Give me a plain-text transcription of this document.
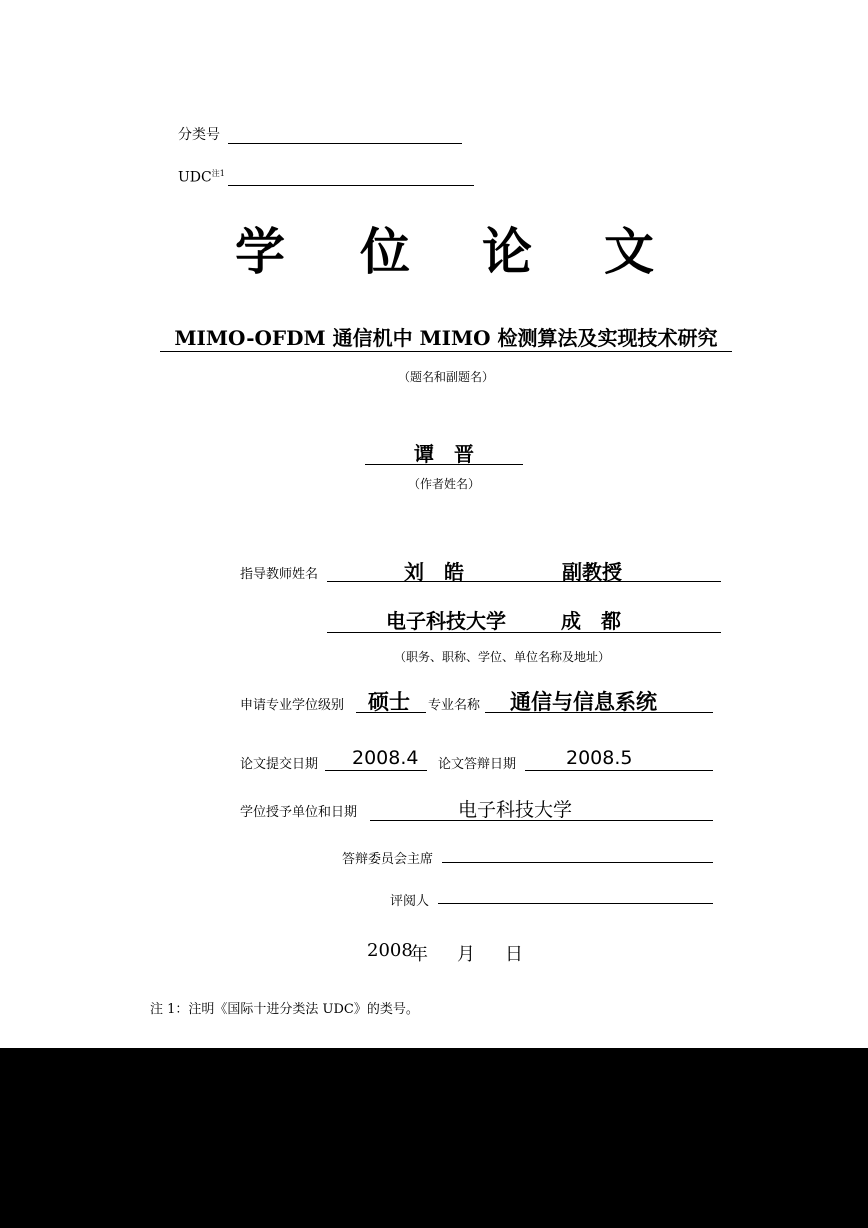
分类号
UDC$^{注1}$
学 位 论 文
MIMO-OFDM 通信机中 MIMO 检测算法及实现技术研究
（题名和副题名）
谭　晋
（作者姓名）
指导教师姓名	刘　皓	副教授
电子科技大学	成　都
（职务、职称、学位、单位名称及地址）
申请专业学位级别 硕士 专业名称 通信与信息系统
论文提交日期 2008.4 论文答辩日期	2008.5
学位授予单位和日期	电子科技大学
答辩委员会主席
评阅人
2008
年 月 日
注 1：注明《国际十进分类法 UDC》的类号。
